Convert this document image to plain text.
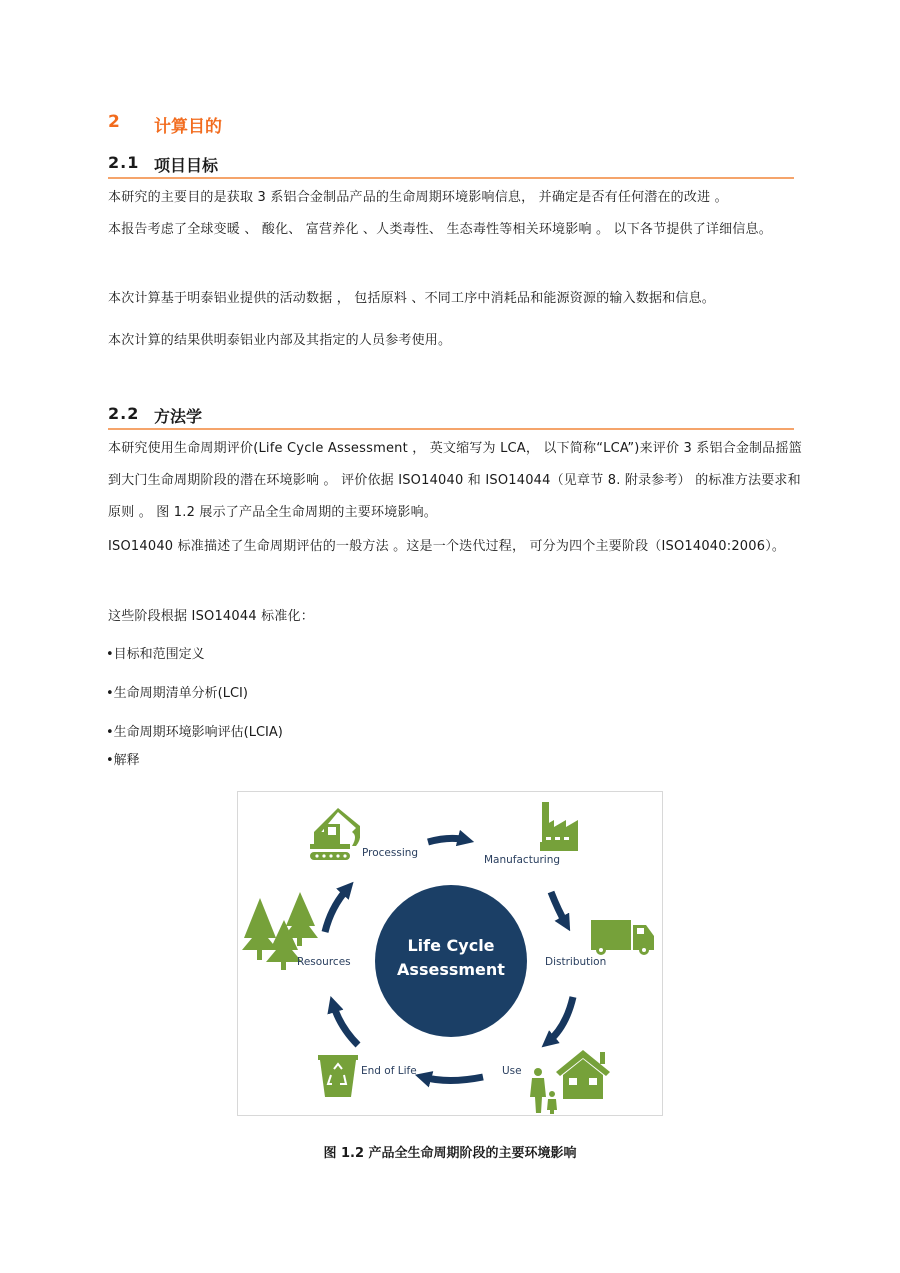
2	计算目的
2.1 项目目标
本研究的主要目的是获取 3 系铝合金制品产品的生命周期环境影响信息， 并确定是否有任何潜在的改进 。
本报告考虑了全球变暖 、 酸化、 富营养化 、人类毒性、 生态毒性等相关环境影响 。 以下各节提供了详细信息。
本次计算基于明泰铝业提供的活动数据 ， 包括原料 、不同工序中消耗品和能源资源的输入数据和信息。
本次计算的结果供明泰铝业内部及其指定的人员参考使用。
2.2 方法学
本研究使用生命周期评价(Life Cycle Assessment ， 英文缩写为 LCA， 以下简称“LCA”)来评价 3 系铝合金制品摇篮到大门生命周期阶段的潜在环境影响 。 评价依据 ISO14040 和 ISO14044（见章节 8. 附录参考） 的标准方法要求和原则 。 图 1.2 展示了产品全生命周期的主要环境影响。
ISO14040 标准描述了生命周期评估的一般方法 。这是一个迭代过程， 可分为四个主要阶段（ISO14040:2006）。
这些阶段根据 ISO14044 标准化：
•目标和范围定义
•生命周期清单分析(LCI)
•生命周期环境影响评估(LCIA)
•解释
Processing
Manufacturing
Distribution
Use
End of Life
Resources
Life Cycle
Assessment
图 1.2 产品全生命周期阶段的主要环境影响
